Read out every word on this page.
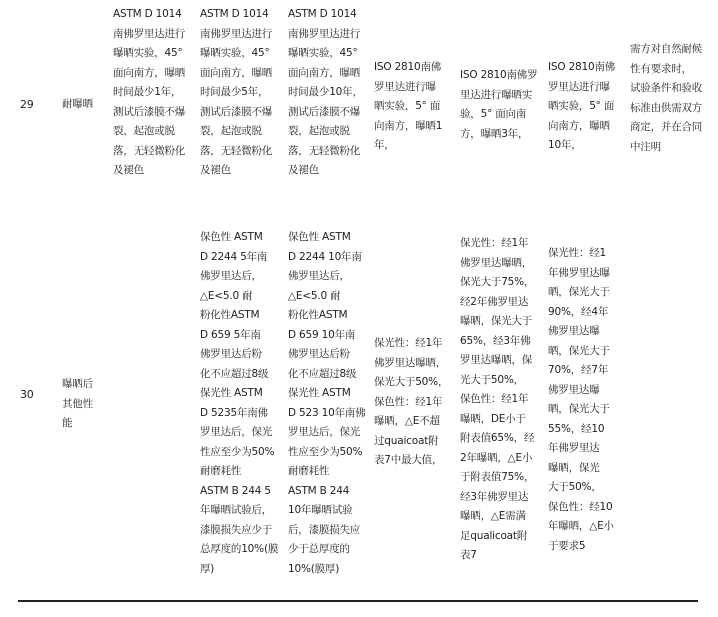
29	耐曝晒
ASTM D 1014
南佛罗里达进行
曝晒实验，45°
面向南方，曝晒
时间最少1年，
测试后漆膜不爆
裂，起泡或脱
落，无轻微粉化
及褪色
ASTM D 1014
南佛罗里达进行
曝晒实验，45°
面向南方，曝晒
时间最少5年，
测试后漆膜不爆
裂，起泡或脱
落，无轻微粉化
及褪色
ASTM D 1014
南佛罗里达进行
曝晒实验，45°
面向南方，曝晒
时间最少10年，
测试后漆膜不爆
裂，起泡或脱
落，无轻微粉化
及褪色
ISO 2810南佛
罗里达进行曝
晒实验，5° 面
向南方，曝晒1
年，
ISO 2810南佛罗
里达进行曝晒实
验，5° 面向南
方，曝晒3年，
ISO 2810南佛
罗里达进行曝
晒实验，5° 面
向南方，曝晒
10年，
需方对自然耐候
性有要求时，
试验条件和验收
标准由供需双方
商定，并在合同
中注明
30
曝晒后
其他性
能
保色性 ASTM
D 2244 5年南
佛罗里达后，
△E<5.0 耐
粉化性ASTM
D 659 5年南
佛罗里达后粉
化不应超过8级
保光性 ASTM
D 5235年南佛
罗里达后，保光
性应至少为50%
耐磨耗性
ASTM B 244 5
年曝晒试验后，
漆膜损失应少于
总厚度的10%(膜
厚)
保色性 ASTM
D 2244 10年南
佛罗里达后，
△E<5.0 耐
粉化性ASTM
D 659 10年南
佛罗里达后粉
化不应超过8级
保光性 ASTM
D 523 10年南佛
罗里达后，保光
性应至少为50%
耐磨耗性
ASTM B 244
10年曝晒试验
后，漆膜损失应
少于总厚度的
10%(膜厚)
保光性：经1年
佛罗里达曝晒，
保光大于50%，
保色性：经1年
曝晒，△E不超
过quaicoat附
表7中最大值，
保光性：经1年
佛罗里达曝晒，
保光大于75%，
经2年佛罗里达
曝晒，保光大于
65%，经3年佛
罗里达曝晒，保
光大于50%，
保色性：经1年
曝晒，DE小于
附表值65%，经
2年曝晒，△E小
于附表值75%，
经3年佛罗里达
曝晒，△E需满
足qualicoat附
表7
保光性：经1
年佛罗里达曝
晒，保光大于
90%，经4年
佛罗里达曝
晒，保光大于
70%，经7年
佛罗里达曝
晒，保光大于
55%，经10
年佛罗里达
曝晒，保光
大于50%，
保色性：经10
年曝晒，△E小
于要求5
